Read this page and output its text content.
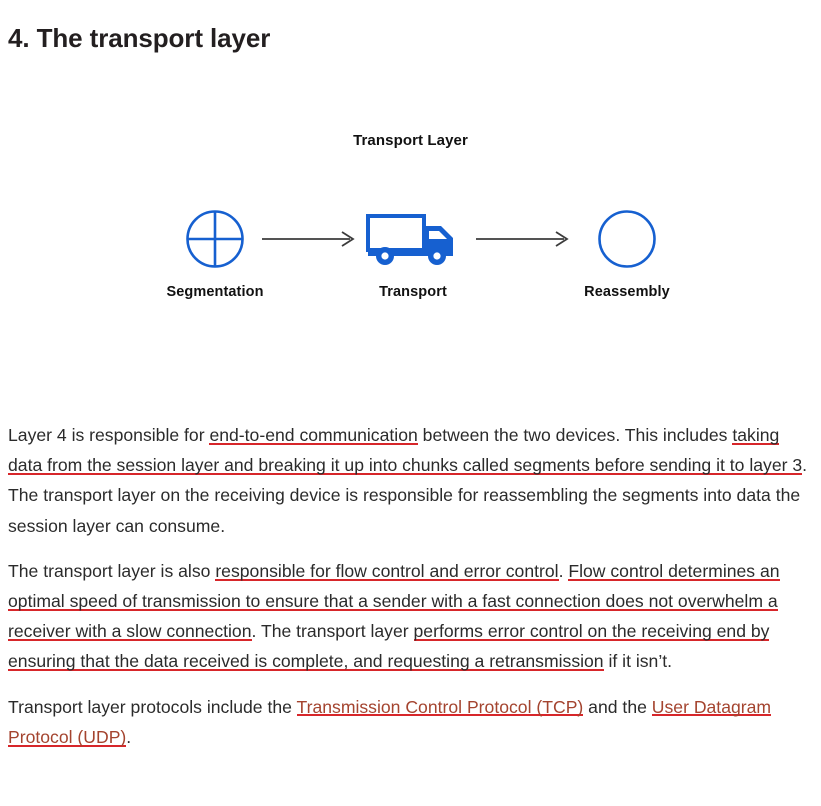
4. The transport layer
Transport Layer
Segmentation	Transport	Reassembly

Layer 4 is responsible for end-to-end communication between the two devices. This includes taking data from the session layer and breaking it up into chunks called segments before sending it to layer 3. The transport layer on the receiving device is responsible for reassembling the segments into data the session layer can consume.

The transport layer is also responsible for flow control and error control. Flow control determines an optimal speed of transmission to ensure that a sender with a fast connection does not overwhelm a receiver with a slow connection. The transport layer performs error control on the receiving end by ensuring that the data received is complete, and requesting a retransmission if it isn’t.

Transport layer protocols include the Transmission Control Protocol (TCP) and the User Datagram Protocol (UDP).
